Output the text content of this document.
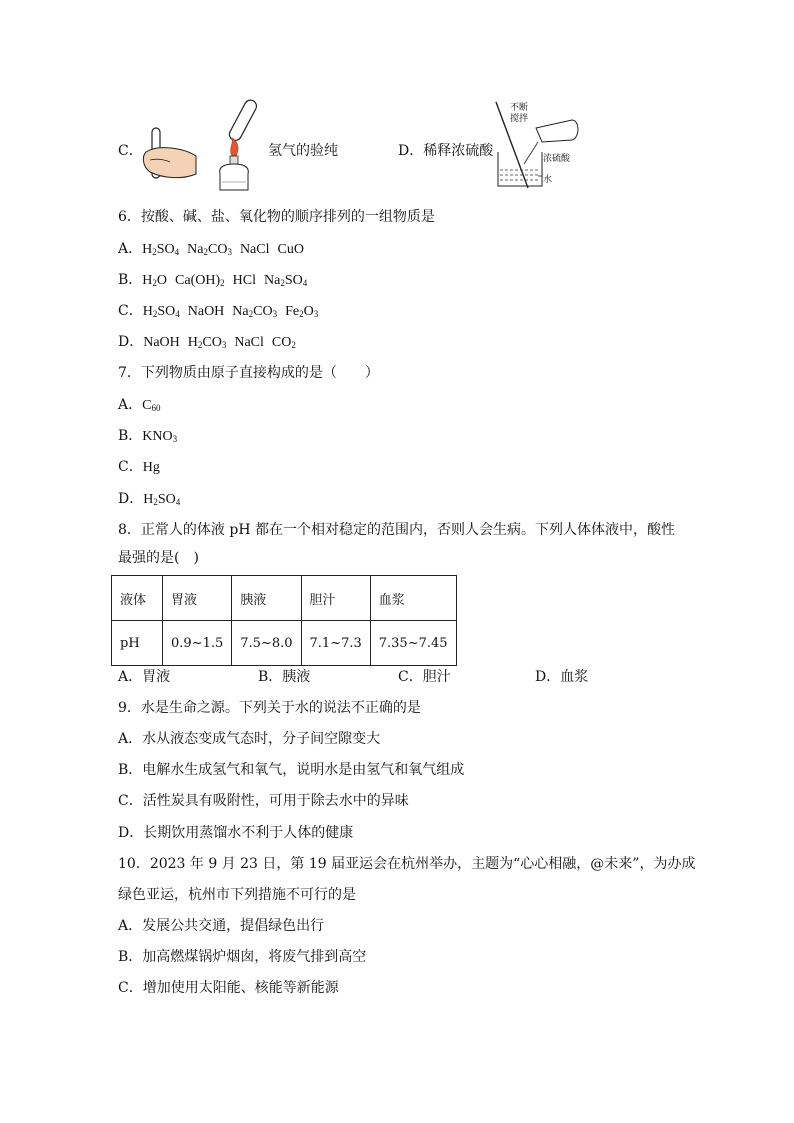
C．	氢气的验纯	D．稀释浓硫酸
不断
搅拌
浓硫酸
水
6．按酸、碱、盐、氧化物的顺序排列的一组物质是
A．$H_2SO_4$ $Na_2CO_3$ NaCl CuO
B．$H_2O$ $Ca(OH)_2$ HCl $Na_2SO_4$
C．$H_2SO_4$ NaOH $Na_2CO_3$ $Fe_2O_3$
D．NaOH $H_2CO_3$ NaCl $CO_2$
7．下列物质由原子直接构成的是（　　）
A．$C_{60}$
B．$KNO_3$
C．Hg
D．$H_2SO_4$
8．正常人的体液 pH 都在一个相对稳定的范围内，否则人会生病。下列人体体液中，酸性
最强的是(　)
液体	胃液	胰液	胆汁	血浆
pH	0.9~1.5	7.5~8.0	7.1~7.3	7.35~7.45
A．胃液	B．胰液	C．胆汁	D．血浆
9．水是生命之源。下列关于水的说法不正确的是
A．水从液态变成气态时，分子间空隙变大
B．电解水生成氢气和氧气，说明水是由氢气和氧气组成
C．活性炭具有吸附性，可用于除去水中的异味
D．长期饮用蒸馏水不利于人体的健康
10．2023 年 9 月 23 日，第 19 届亚运会在杭州举办，主题为“心心相融，@未来”，为办成
绿色亚运，杭州市下列措施不可行的是
A．发展公共交通，提倡绿色出行
B．加高燃煤锅炉烟囱，将废气排到高空
C．增加使用太阳能、核能等新能源
